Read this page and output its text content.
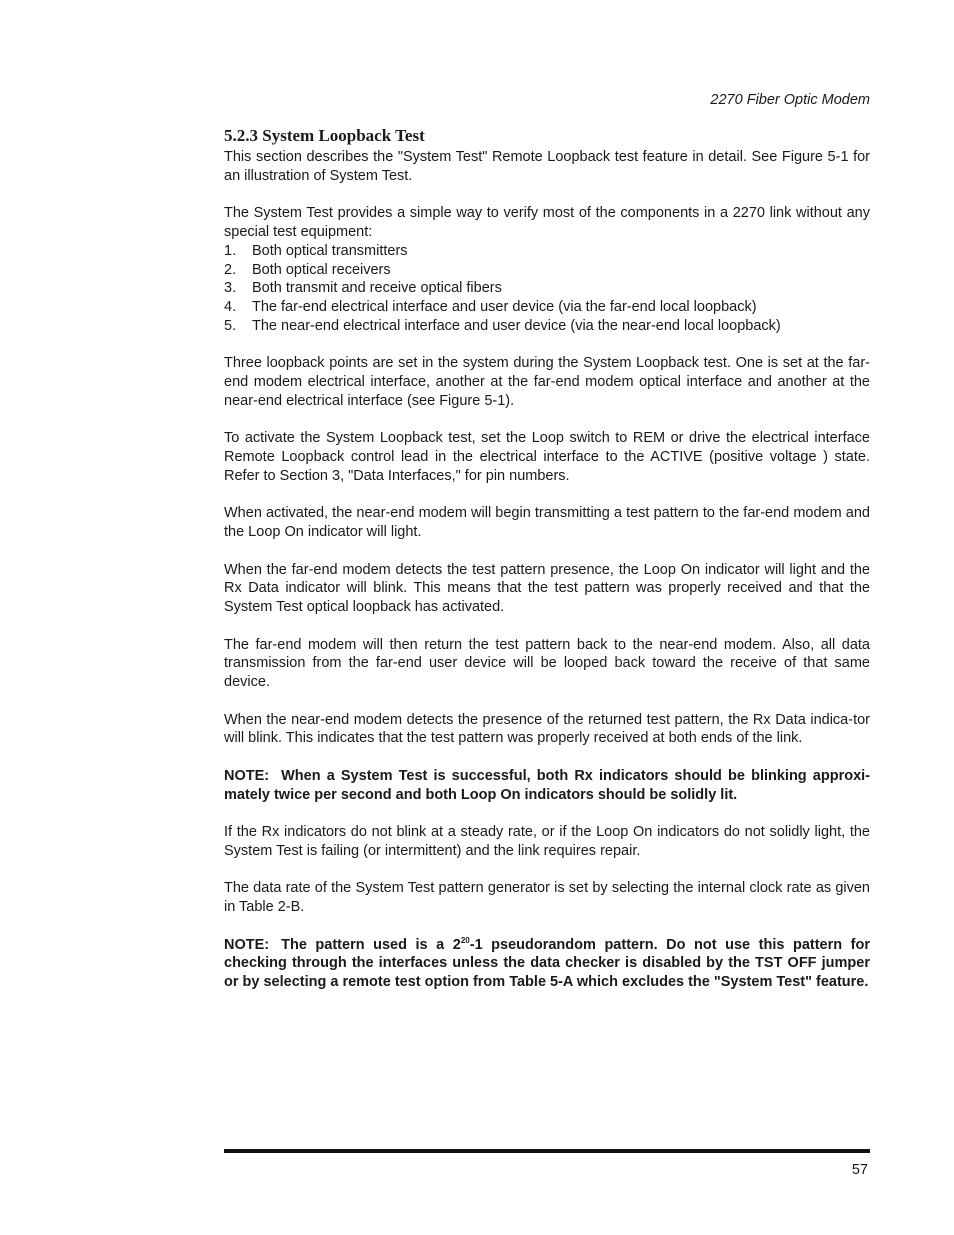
2270 Fiber Optic Modem
5.2.3 System Loopback Test

This section describes the "System Test" Remote Loopback test feature in detail. See Figure 5-1 for an illustration of System Test.

The System Test provides a simple way to verify most of the components in a 2270 link without any special test equipment:

1.	Both optical transmitters
2.	Both optical receivers
3.	Both transmit and receive optical fibers
4.	The far-end electrical interface and user device (via the far-end local loopback)
5.	The near-end electrical interface and user device (via the near-end local loopback)

Three loopback points are set in the system during the System Loopback test. One is set at the far-end modem electrical interface, another at the far-end modem optical interface and another at the near-end electrical interface (see Figure 5-1).

To activate the System Loopback test, set the Loop switch to REM or drive the electrical interface Remote Loopback control lead in the electrical interface to the ACTIVE (positive voltage ) state. Refer to Section 3, "Data Interfaces," for pin numbers.

When activated, the near-end modem will begin transmitting a test pattern to the far-end modem and the Loop On indicator will light.

When the far-end modem detects the test pattern presence, the Loop On indicator will light and the Rx Data indicator will blink. This means that the test pattern was properly received and that the System Test optical loopback has activated.

The far-end modem will then return the test pattern back to the near-end modem. Also, all data transmission from the far-end user device will be looped back toward the receive of that same device.

When the near-end modem detects the presence of the returned test pattern, the Rx Data indica-tor will blink. This indicates that the test pattern was properly received at both ends of the link.

NOTE: When a System Test is successful, both Rx indicators should be blinking approxi-mately twice per second and both Loop On indicators should be solidly lit.

If the Rx indicators do not blink at a steady rate, or if the Loop On indicators do not solidly light, the System Test is failing (or intermittent) and the link requires repair.

The data rate of the System Test pattern generator is set by selecting the internal clock rate as given in Table 2-B.

NOTE: The pattern used is a $2^{20}-1$ pseudorandom pattern. Do not use this pattern for checking through the interfaces unless the data checker is disabled by the TST OFF jumper or by selecting a remote test option from Table 5-A which excludes the "System Test" feature.

57
